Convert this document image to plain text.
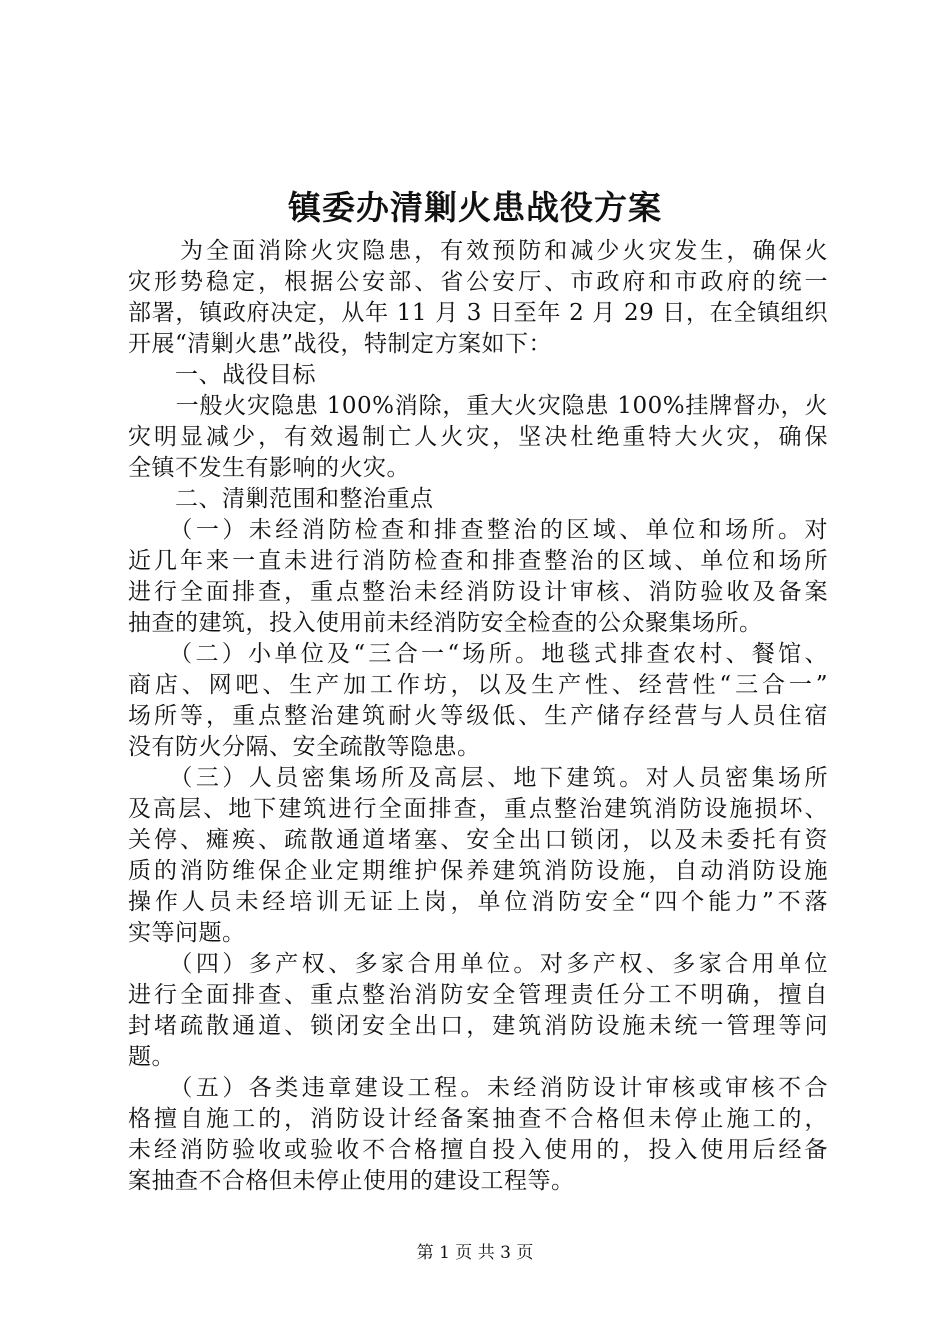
镇委办清剿火患战役方案
　　为全面消除火灾隐患，有效预防和减少火灾发生，确保火
灾形势稳定，根据公安部、省公安厅、市政府和市政府的统一
部署，镇政府决定，从年 11 月 3 日至年 2 月 29 日，在全镇组织
开展“清剿火患”战役，特制定方案如下：
　　一、战役目标
　　一般火灾隐患 100%消除，重大火灾隐患 100%挂牌督办，火
灾明显减少，有效遏制亡人火灾，坚决杜绝重特大火灾，确保
全镇不发生有影响的火灾。
　　二、清剿范围和整治重点
　　（一）未经消防检查和排查整治的区域、单位和场所。对
近几年来一直未进行消防检查和排查整治的区域、单位和场所
进行全面排查，重点整治未经消防设计审核、消防验收及备案
抽查的建筑，投入使用前未经消防安全检查的公众聚集场所。
　　（二）小单位及“三合一“场所。地毯式排查农村、餐馆、
商店、网吧、生产加工作坊，以及生产性、经营性“三合一”
场所等，重点整治建筑耐火等级低、生产储存经营与人员住宿
没有防火分隔、安全疏散等隐患。
　　（三）人员密集场所及高层、地下建筑。对人员密集场所
及高层、地下建筑进行全面排查，重点整治建筑消防设施损坏、
关停、瘫痪、疏散通道堵塞、安全出口锁闭，以及未委托有资
质的消防维保企业定期维护保养建筑消防设施，自动消防设施
操作人员未经培训无证上岗，单位消防安全“四个能力”不落
实等问题。
　　（四）多产权、多家合用单位。对多产权、多家合用单位
进行全面排查、重点整治消防安全管理责任分工不明确，擅自
封堵疏散通道、锁闭安全出口，建筑消防设施未统一管理等问
题。
　　（五）各类违章建设工程。未经消防设计审核或审核不合
格擅自施工的，消防设计经备案抽查不合格但未停止施工的，
未经消防验收或验收不合格擅自投入使用的，投入使用后经备
案抽查不合格但未停止使用的建设工程等。
第 1 页 共 3 页
